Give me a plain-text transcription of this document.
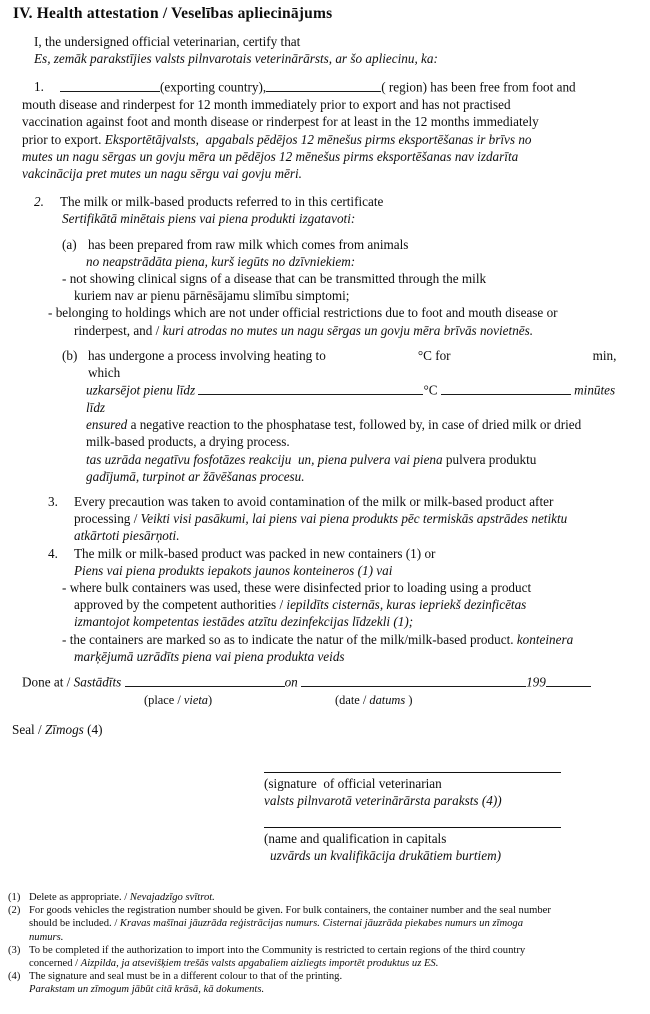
IV. Health attestation / Veselības apliecinājums
I, the undersigned official veterinarian, certify that
Es, zemāk parakstījies valsts pilnvarotais veterinārārsts, ar šo apliecinu, ka:
1.	(exporting country),	( region) has been free from foot and
mouth disease and rinderpest for 12 month immediately prior to export and has not practised
vaccination against foot and month disease or rinderpest for at least in the 12 months immediately
prior to export. Eksportētājvalsts,  apgabals pēdējos 12 mēnešus pirms eksportēšanas ir brīvs no
mutes un nagu sērgas un govju mēra un pēdējos 12 mēnešus pirms eksportēšanas nav izdarīta
vakcinācija pret mutes un nagu sērgu vai govju mēri.
2.	The milk or milk-based products referred to in this certificate
Sertifikātā minētais piens vai piena produkti izgatavoti:
(a) has been prepared from raw milk which comes from animals
no neapstrādāta piena, kurš iegūts no dzīvniekiem:
- not showing clinical signs of a disease that can be transmitted through the milk
kuriem nav ar pienu pārnēsājamu slimību simptomi;
- belonging to holdings which are not under official restrictions due to foot and mouth disease or
rinderpest, and / kuri atrodas no mutes un nagu sērgas un govju mēra brīvās novietnēs.
(b) has undergone a process involving heating to	°C for	min, which
uzkarsējot pienu līdz	°C	minūtes līdz
ensured a negative reaction to the phosphatase test, followed by, in case of dried milk or dried
milk-based products, a drying process.
tas uzrāda negatīvu fosfotāzes reakciju  un, piena pulvera vai piena pulvera produktu
gadījumā, turpinot ar žāvēšanas procesu.
3.	Every precaution was taken to avoid contamination of the milk or milk-based product after
processing / Veikti visi pasākumi, lai piens vai piena produkts pēc termiskās apstrādes netiktu
atkārtoti piesārņoti.
4.	The milk or milk-based product was packed in new containers (1) or
Piens vai piena produkts iepakots jaunos konteineros (1) vai
- where bulk containers was used, these were disinfected prior to loading using a product
approved by the competent authorities / iepildīts cisternās, kuras iepriekš dezinficētas
izmantojot kompetentas iestādes atzītu dezinfekcijas līdzekli (1);
- the containers are marked so as to indicate the natur of the milk/milk-based product. konteinera
marķējumā uzrādīts piena vai piena produkta veids
Done at / Sastādīts	on	199
(place / vieta)	(date / datums )
Seal / Zīmogs (4)
(signature  of official veterinarian
valsts pilnvarotā veterinārārsta paraksts (4))
(name and qualification in capitals
uzvārds un kvalifikācija drukātiem burtiem)
(1) Delete as appropriate. / Nevajadzīgo svītrot.
(2) For goods vehicles the registration number should be given. For bulk containers, the container number and the seal number
should be included. / Kravas mašīnai jāuzrāda reģistrācijas numurs. Cisternai jāuzrāda piekabes numurs un zīmoga
numurs.
(3) To be completed if the authorization to import into the Community is restricted to certain regions of the third country
concerned / Aizpilda, ja atsevišķiem trešās valsts apgabaliem aizliegts importēt produktus uz ES.
(4) The signature and seal must be in a different colour to that of the printing.
Parakstam un zīmogum jābūt citā krāsā, kā dokuments.
